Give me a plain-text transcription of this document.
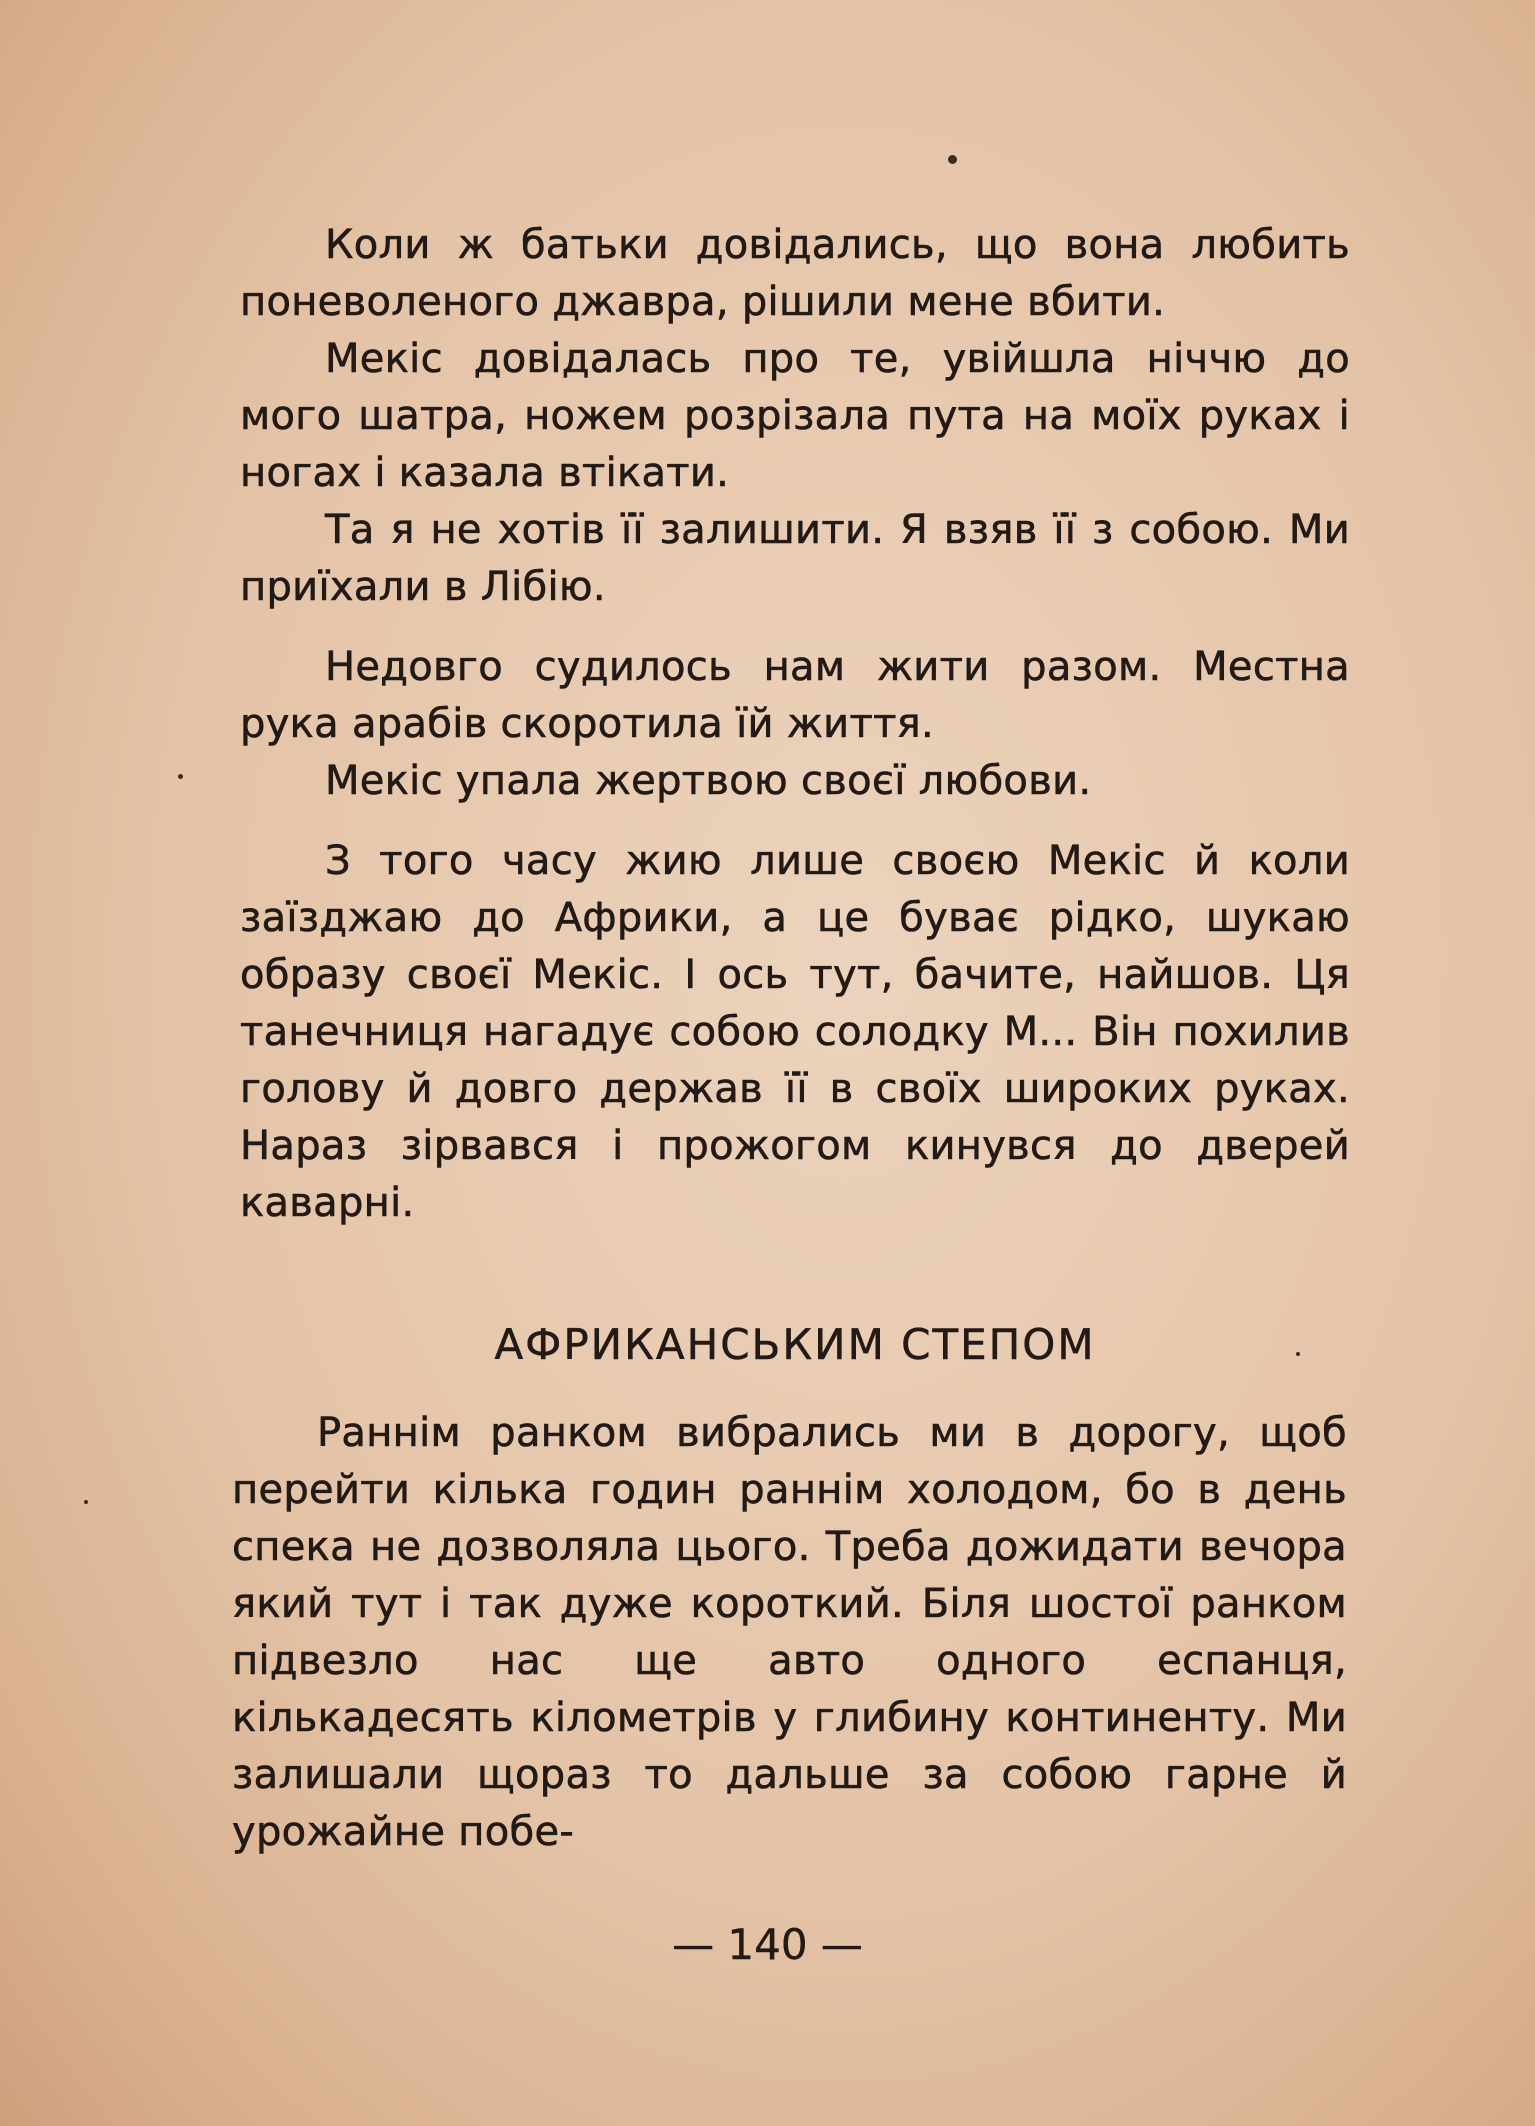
Коли ж батьки довідались, що вона любить поневоленого джавра, рішили мене вбити.

Мекіс довідалась про те, увійшла ніччю до мого шатра, ножем розрізала пута на моїх руках і ногах і казала втікати.

Та я не хотів її залишити. Я взяв її з собою. Ми приїхали в Лібію.

Недовго судилось нам жити разом. Местна рука арабів скоротила їй життя.

Мекіс упала жертвою своєї любови.

З того часу жию лише своєю Мекіс й коли заїзджаю до Африки, а це буває рідко, шукаю образу своєї Мекіс. І ось тут, бачите, найшов. Ця танечниця нагадує собою солодку М... Він похилив голову й довго держав її в своїх широких руках. Нараз зірвався і прожогом кинувся до дверей каварні.

АФРИКАНСЬКИМ СТЕПОМ

Раннім ранком вибрались ми в дорогу, щоб перейти кілька годин раннім холодом, бо в день спека не дозволяла цього. Треба дожидати вечора який тут і так дуже короткий. Біля шостої ранком підвезло нас ще авто одного еспанця, кількадесять кілометрів у глибину континенту. Ми залишали щораз то дальше за собою гарне й урожайне побе-

— 140 —
